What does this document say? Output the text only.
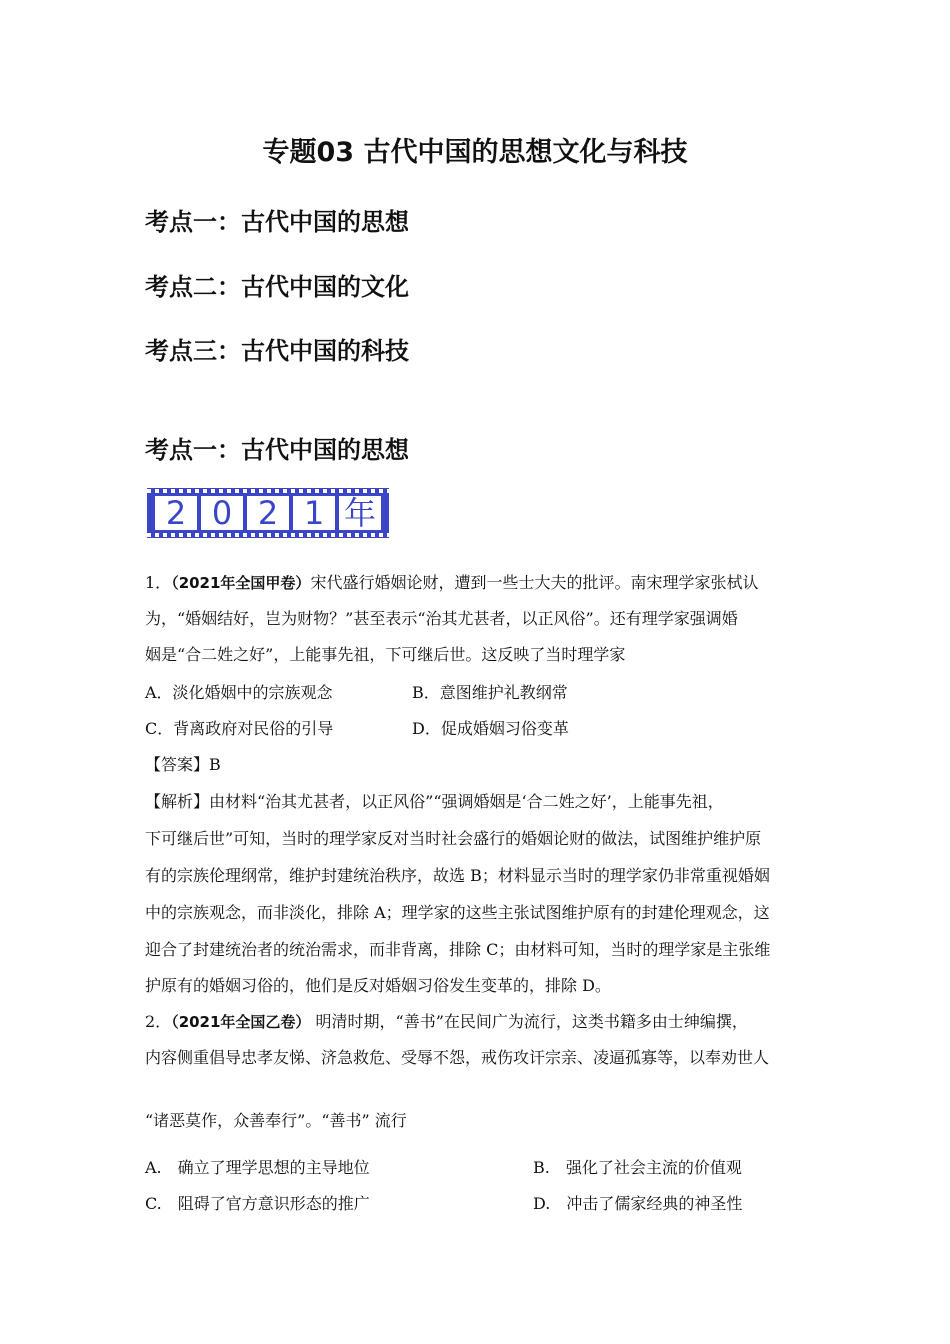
专题03 古代中国的思想文化与科技
考点一：古代中国的思想
考点二：古代中国的文化
考点三：古代中国的科技
考点一：古代中国的思想
2 0 2 1 年
1．（2021年全国甲卷）宋代盛行婚姻论财，遭到一些士大夫的批评。南宋理学家张栻认
为，“婚姻结好，岂为财物？”甚至表示“治其尤甚者，以正风俗”。还有理学家强调婚
姻是“合二姓之好”，上能事先祖，下可继后世。这反映了当时理学家
A．淡化婚姻中的宗族观念	B．意图维护礼教纲常
C．背离政府对民俗的引导	D．促成婚姻习俗变革
【答案】B
【解析】由材料“治其尤甚者，以正风俗”“强调婚姻是‘合二姓之好’，上能事先祖，
下可继后世”可知，当时的理学家反对当时社会盛行的婚姻论财的做法，试图维护维护原
有的宗族伦理纲常，维护封建统治秩序，故选 B；材料显示当时的理学家仍非常重视婚姻
中的宗族观念，而非淡化，排除 A；理学家的这些主张试图维护原有的封建伦理观念，这
迎合了封建统治者的统治需求，而非背离，排除 C；由材料可知，当时的理学家是主张维
护原有的婚姻习俗的，他们是反对婚姻习俗发生变革的，排除 D。
2．（2021年全国乙卷） 明清时期，“善书”在民间广为流行，这类书籍多由士绅编撰，
内容侧重倡导忠孝友悌、济急救危、受辱不怨，戒伤攻讦宗亲、凌逼孤寡等，以奉劝世人
“诸恶莫作，众善奉行”。“善书” 流行
A.　确立了理学思想的主导地位	B.　强化了社会主流的价值观
C.　阻碍了官方意识形态的推广	D.　冲击了儒家经典的神圣性
